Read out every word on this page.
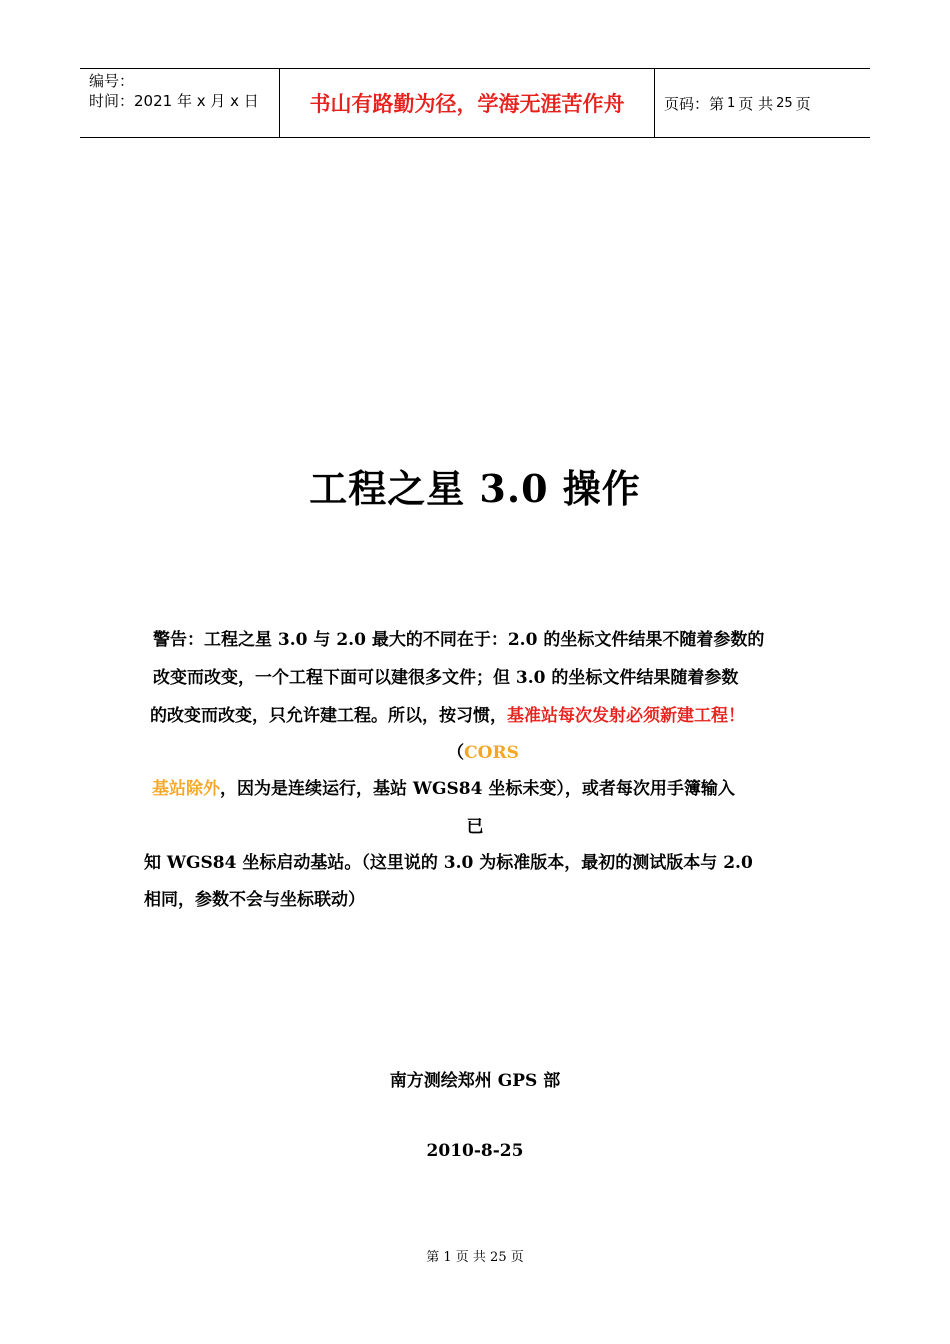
编号：
时间：2021 年 x 月 x 日	书山有路勤为径，学海无涯苦作舟	页码：第 1 页 共 25 页
工程之星 3.0 操作
警告：工程之星 3.0 与 2.0 最大的不同在于：2.0 的坐标文件结果不随着参数的
改变而改变，一个工程下面可以建很多文件；但 3.0 的坐标文件结果随着参数
的改变而改变，只允许建工程。所以，按习惯，基准站每次发射必须新建工程！
（CORS
基站除外，因为是连续运行，基站 WGS84 坐标未变），或者每次用手簿输入
已
知 WGS84 坐标启动基站。（这里说的 3.0 为标准版本，最初的测试版本与 2.0
相同，参数不会与坐标联动）
南方测绘郑州 GPS 部
2010-8-25
第 1 页 共 25 页
